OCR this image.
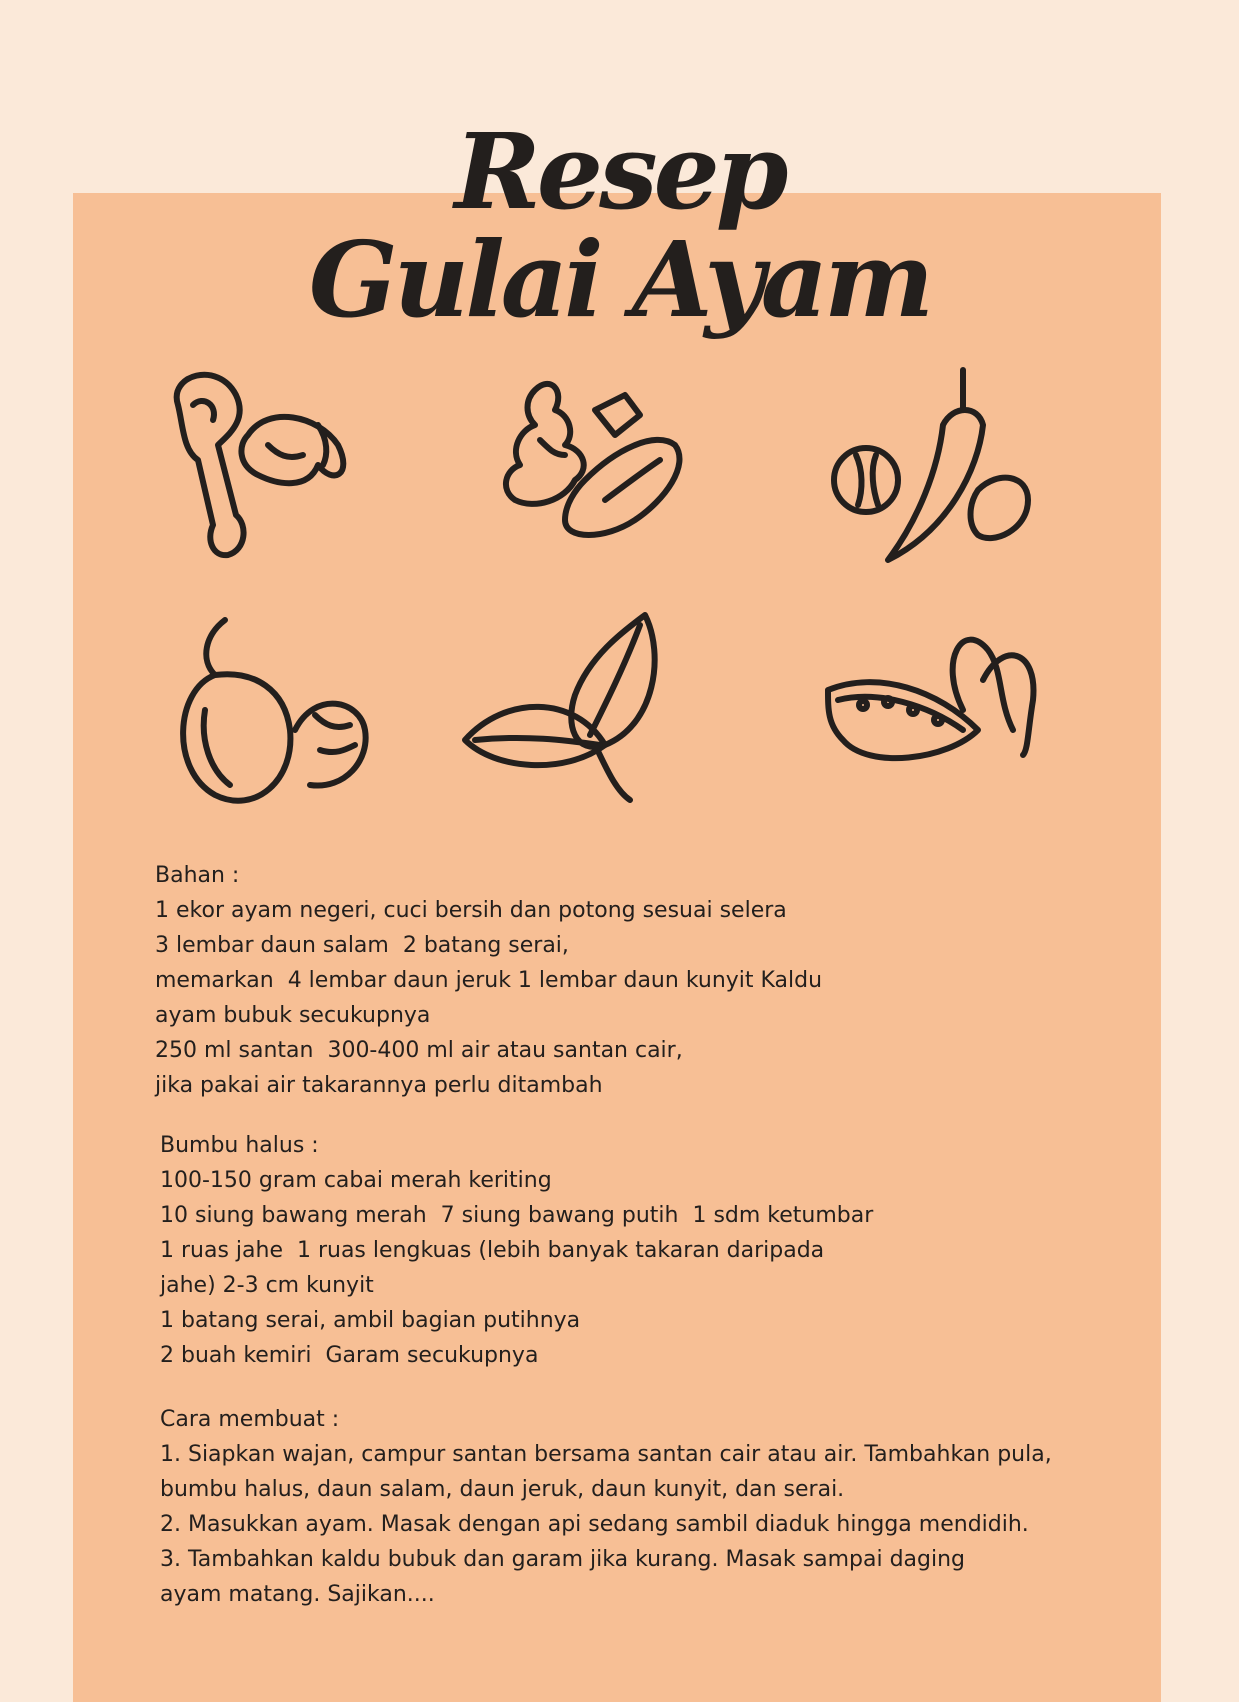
Resep
Gulai Ayam
Bahan :
1 ekor ayam negeri, cuci bersih dan potong sesuai selera
3 lembar daun salam  2 batang serai,
memarkan  4 lembar daun jeruk 1 lembar daun kunyit Kaldu
ayam bubuk secukupnya
250 ml santan  300-400 ml air atau santan cair,
jika pakai air takarannya perlu ditambah
Bumbu halus :
100-150 gram cabai merah keriting
10 siung bawang merah  7 siung bawang putih  1 sdm ketumbar
1 ruas jahe  1 ruas lengkuas (lebih banyak takaran daripada
jahe) 2-3 cm kunyit
1 batang serai, ambil bagian putihnya
2 buah kemiri  Garam secukupnya
Cara membuat :
1. Siapkan wajan, campur santan bersama santan cair atau air. Tambahkan pula,
bumbu halus, daun salam, daun jeruk, daun kunyit, dan serai.
2. Masukkan ayam. Masak dengan api sedang sambil diaduk hingga mendidih.
3. Tambahkan kaldu bubuk dan garam jika kurang. Masak sampai daging
ayam matang. Sajikan....
